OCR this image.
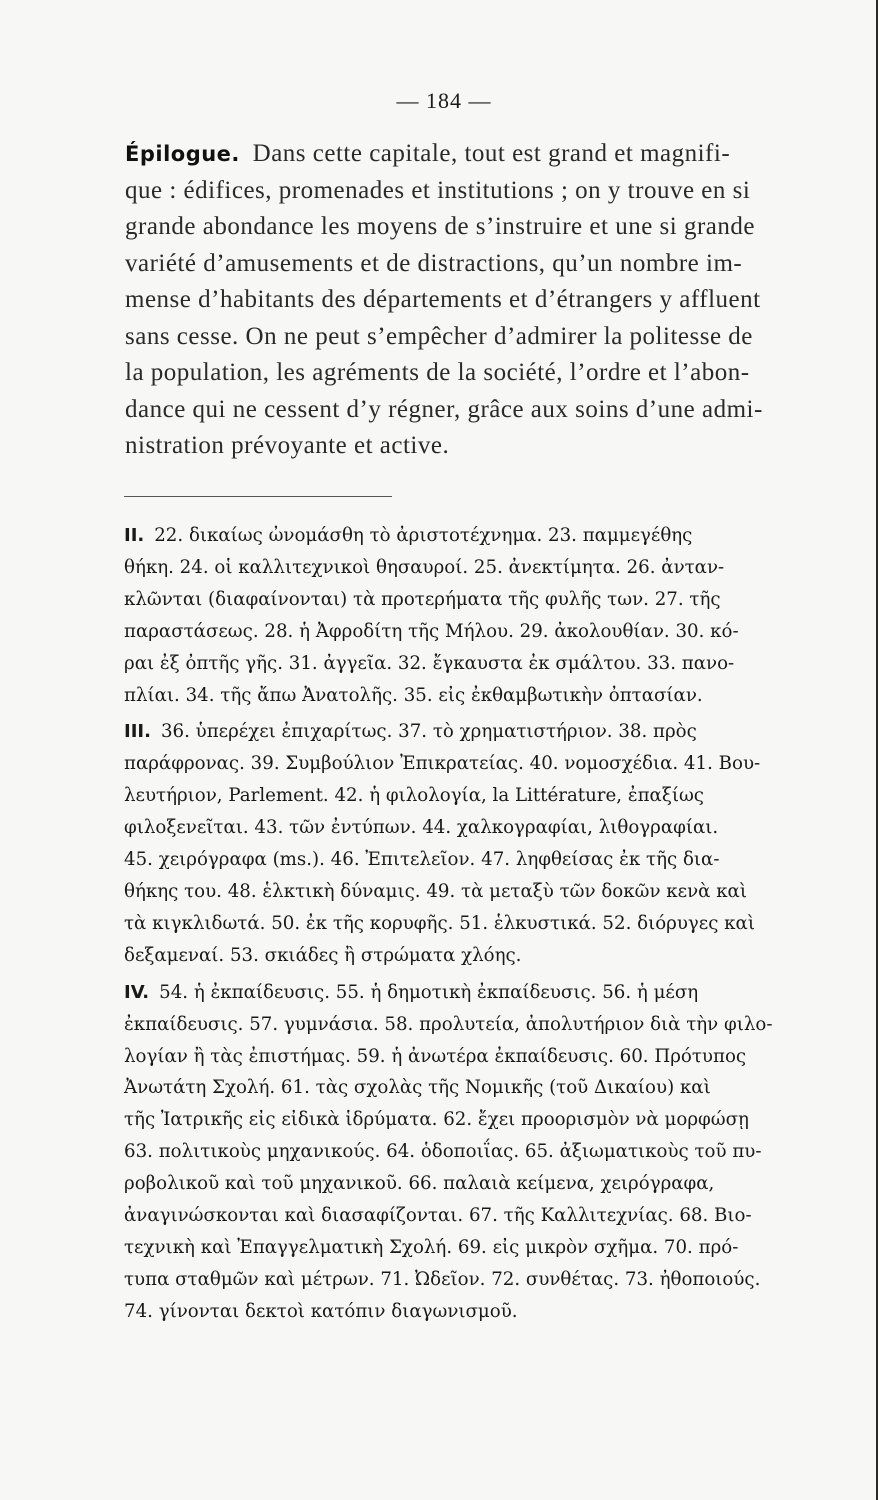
— 184 —
Épilogue. Dans cette capitale, tout est grand et magnifi-
que : édifices, promenades et institutions ; on y trouve en si
grande abondance les moyens de s’instruire et une si grande
variété d’amusements et de distractions, qu’un nombre im-
mense d’habitants des départements et d’étrangers y affluent
sans cesse. On ne peut s’empêcher d’admirer la politesse de
la population, les agréments de la société, l’ordre et l’abon-
dance qui ne cessent d’y régner, grâce aux soins d’une admi-
nistration prévoyante et active.
II. 22. δικαίως ὠνομάσθη τὸ ἀριστοτέχνημα. 23. παμμεγέθης
θήκη. 24. οἱ καλλιτεχνικοὶ θησαυροί. 25. ἀνεκτίμητα. 26. ἀνταν-
κλῶνται (διαφαίνονται) τὰ προτερήματα τῆς φυλῆς των. 27. τῆς
παραστάσεως. 28. ἡ Ἀφροδίτη τῆς Μήλου. 29. ἀκολουθίαν. 30. κό-
ραι ἐξ ὀπτῆς γῆς. 31. ἀγγεῖα. 32. ἔγκαυστα ἐκ σμάλτου. 33. πανο-
πλίαι. 34. τῆς ἄπω Ἀνατολῆς. 35. εἰς ἐκθαμβωτικὴν ὀπτασίαν.
III. 36. ὑπερέχει ἐπιχαρίτως. 37. τὸ χρηματιστήριον. 38. πρὸς
παράφρονας. 39. Συμβούλιον Ἐπικρατείας. 40. νομοσχέδια. 41. Βου-
λευτήριον, Parlement. 42. ἡ φιλολογία, la Littérature, ἐπαξίως
φιλοξενεῖται. 43. τῶν ἐντύπων. 44. χαλκογραφίαι, λιθογραφίαι.
45. χειρόγραφα (ms.). 46. Ἐπιτελεῖον. 47. ληφθείσας ἐκ τῆς δια-
θήκης του. 48. ἑλκτικὴ δύναμις. 49. τὰ μεταξὺ τῶν δοκῶν κενὰ καὶ
τὰ κιγκλιδωτά. 50. ἐκ τῆς κορυφῆς. 51. ἑλκυστικά. 52. διόρυγες καὶ
δεξαμεναί. 53. σκιάδες ἢ στρώματα χλόης.
IV. 54. ἡ ἐκπαίδευσις. 55. ἡ δημοτικὴ ἐκπαίδευσις. 56. ἡ μέση
ἐκπαίδευσις. 57. γυμνάσια. 58. προλυτεία, ἀπολυτήριον διὰ τὴν φιλο-
λογίαν ἢ τὰς ἐπιστήμας. 59. ἡ ἀνωτέρα ἐκπαίδευσις. 60. Πρότυπος
Ἀνωτάτη Σχολή. 61. τὰς σχολὰς τῆς Νομικῆς (τοῦ Δικαίου) καὶ
τῆς Ἰατρικῆς εἰς εἰδικὰ ἱδρύματα. 62. ἔχει προορισμὸν νὰ μορφώσῃ
63. πολιτικοὺς μηχανικούς. 64. ὁδοποιΐας. 65. ἀξιωματικοὺς τοῦ πυ-
ροβολικοῦ καὶ τοῦ μηχανικοῦ. 66. παλαιὰ κείμενα, χειρόγραφα,
ἀναγινώσκονται καὶ διασαφίζονται. 67. τῆς Καλλιτεχνίας. 68. Βιο-
τεχνικὴ καὶ Ἐπαγγελματικὴ Σχολή. 69. εἰς μικρὸν σχῆμα. 70. πρό-
τυπα σταθμῶν καὶ μέτρων. 71. Ὠδεῖον. 72. συνθέτας. 73. ἠθοποιούς.
74. γίνονται δεκτοὶ κατόπιν διαγωνισμοῦ.
